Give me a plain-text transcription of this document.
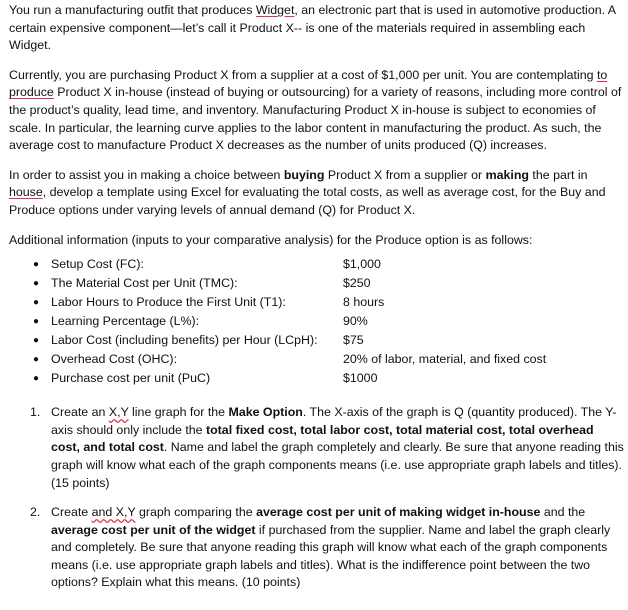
You run a manufacturing outfit that produces Widget, an electronic part that is used in automotive production. A certain expensive component—let’s call it Product X-- is one of the materials required in assembling each Widget.

Currently, you are purchasing Product X from a supplier at a cost of $1,000 per unit. You are contemplating to produce Product X in-house (instead of buying or outsourcing) for a variety of reasons, including more control of the product’s quality, lead time, and inventory. Manufacturing Product X in-house is subject to economies of scale. In particular, the learning curve applies to the labor content in manufacturing the product. As such, the average cost to manufacture Product X decreases as the number of units produced (Q) increases.

In order to assist you in making a choice between buying Product X from a supplier or making the part in house, develop a template using Excel for evaluating the total costs, as well as average cost, for the Buy and Produce options under varying levels of annual demand (Q) for Product X.

Additional information (inputs to your comparative analysis) for the Produce option is as follows:

● Setup Cost (FC):	$1,000
● The Material Cost per Unit (TMC):	$250
● Labor Hours to Produce the First Unit (T1):	8 hours
● Learning Percentage (L%):	90%
● Labor Cost (including benefits) per Hour (LCpH):	$75
● Overhead Cost (OHC):	20% of labor, material, and fixed cost
● Purchase cost per unit (PuC)	$1000
1. Create an X,Y line graph for the Make Option. The X-axis of the graph is Q (quantity produced). The Y-axis should only include the total fixed cost, total labor cost, total material cost, total overhead cost, and total cost. Name and label the graph completely and clearly. Be sure that anyone reading this graph will know what each of the graph components means (i.e. use appropriate graph labels and titles). (15 points)

2. Create and X,Y graph comparing the average cost per unit of making widget in-house and the average cost per unit of the widget if purchased from the supplier. Name and label the graph clearly and completely. Be sure that anyone reading this graph will know what each of the graph components means (i.e. use appropriate graph labels and titles). What is the indifference point between the two options? Explain what this means. (10 points)
